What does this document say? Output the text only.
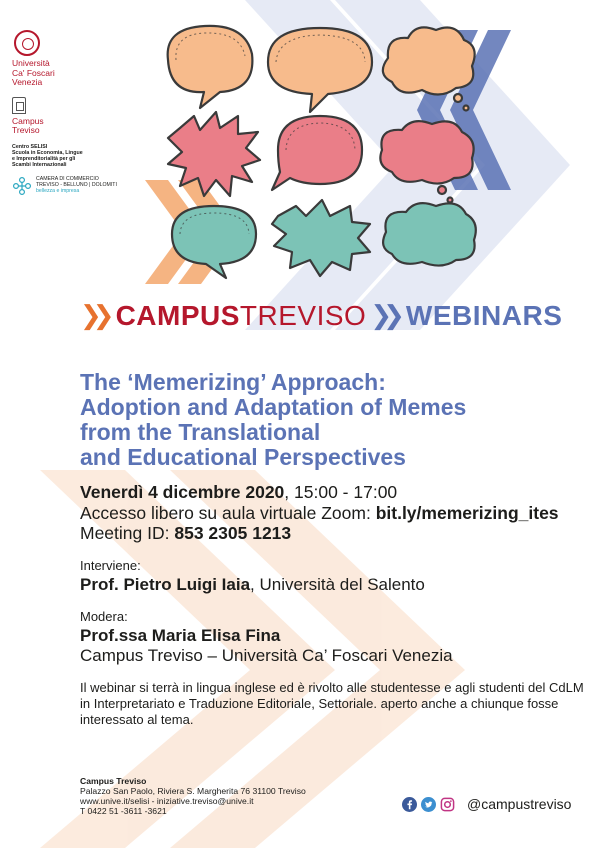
Università
Ca' Foscari
Venezia
Campus
Treviso
Centro SELISI
Scuola in Economia, Lingue
e Imprenditorialità per gli
Scambi Internazionali
CAMERA DI COMMERCIO
TREVISO - BELLUNO | DOLOMITI
bellezza e impresa
❯❯ CAMPUS TREVISO ❯❯ WEBINARS
The ‘Memerizing’ Approach:
Adoption and Adaptation of Memes
from the Translational
and Educational Perspectives
Venerdì 4 dicembre 2020, 15:00 - 17:00
Accesso libero su aula virtuale Zoom: bit.ly/memerizing_ites
Meeting ID: 853 2305 1213
Interviene:
Prof. Pietro Luigi Iaia, Università del Salento
Modera:
Prof.ssa Maria Elisa Fina
Campus Treviso – Università Ca’ Foscari Venezia
Il webinar si terrà in lingua inglese ed è rivolto alle studentesse e agli studenti del CdLM in Interpretariato e Traduzione Editoriale, Settoriale. aperto anche a chiunque fosse interessato al tema.
Campus Treviso
Palazzo San Paolo, Riviera S. Margherita 76 31100 Treviso
www.unive.it/selisi - iniziative.treviso@unive.it
T 0422 51 -3611 -3621	@campustreviso
